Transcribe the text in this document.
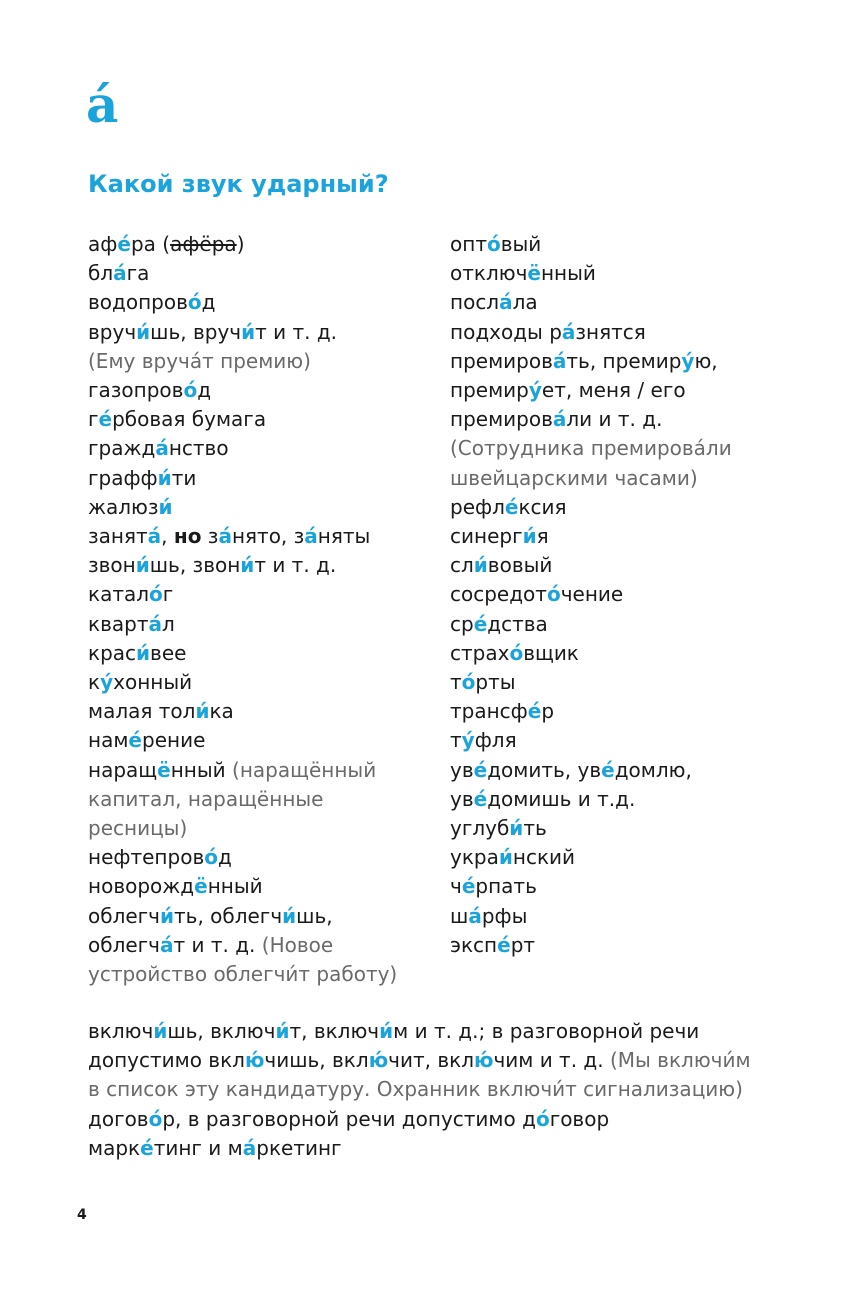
á
Какой звук ударный?
афéра (афёра)
блáга
водопровóд
вручи́шь, вручи́т и т. д.
(Ему вруча́т премию)
газопровóд
гéрбовая бумага
граждáнство
граффи́ти
жалюзи́
занятá, но зáнято, зáняты
звони́шь, звони́т и т. д.
каталóг
квартáл
краси́вее
кýхонный
малая толи́ка
намéрение
наращённый (наращённый
капитал, наращённые
ресницы)
нефтепровóд
новорождённый
облегчи́ть, облегчи́шь,
облегчáт и т. д. (Новое
устройство облегчи́т работу)
оптóвый
отключённый
послáла
подходы рáзнятся
премировáть, премирýю,
премирýет, меня / его
премировáли и т. д.
(Сотрудника премирова́ли
швейцарскими часами)
рефлéксия
синерги́я
сли́вовый
сосредотóчение
срéдства
страхóвщик
тóрты
трансфéр
тýфля
увéдомить, увéдомлю,
увéдомишь и т.д.
углуби́ть
украи́нский
чéрпать
шáрфы
экспéрт
включи́шь, включи́т, включи́м и т. д.; в разговорной речи
допустимо вклю́чишь, вклю́чит, вклю́чим и т. д. (Мы включи́м
в список эту кандидатуру. Охранник включи́т сигнализацию)
договóр, в разговорной речи допустимо дóговор
маркéтинг и мáркетинг
4
